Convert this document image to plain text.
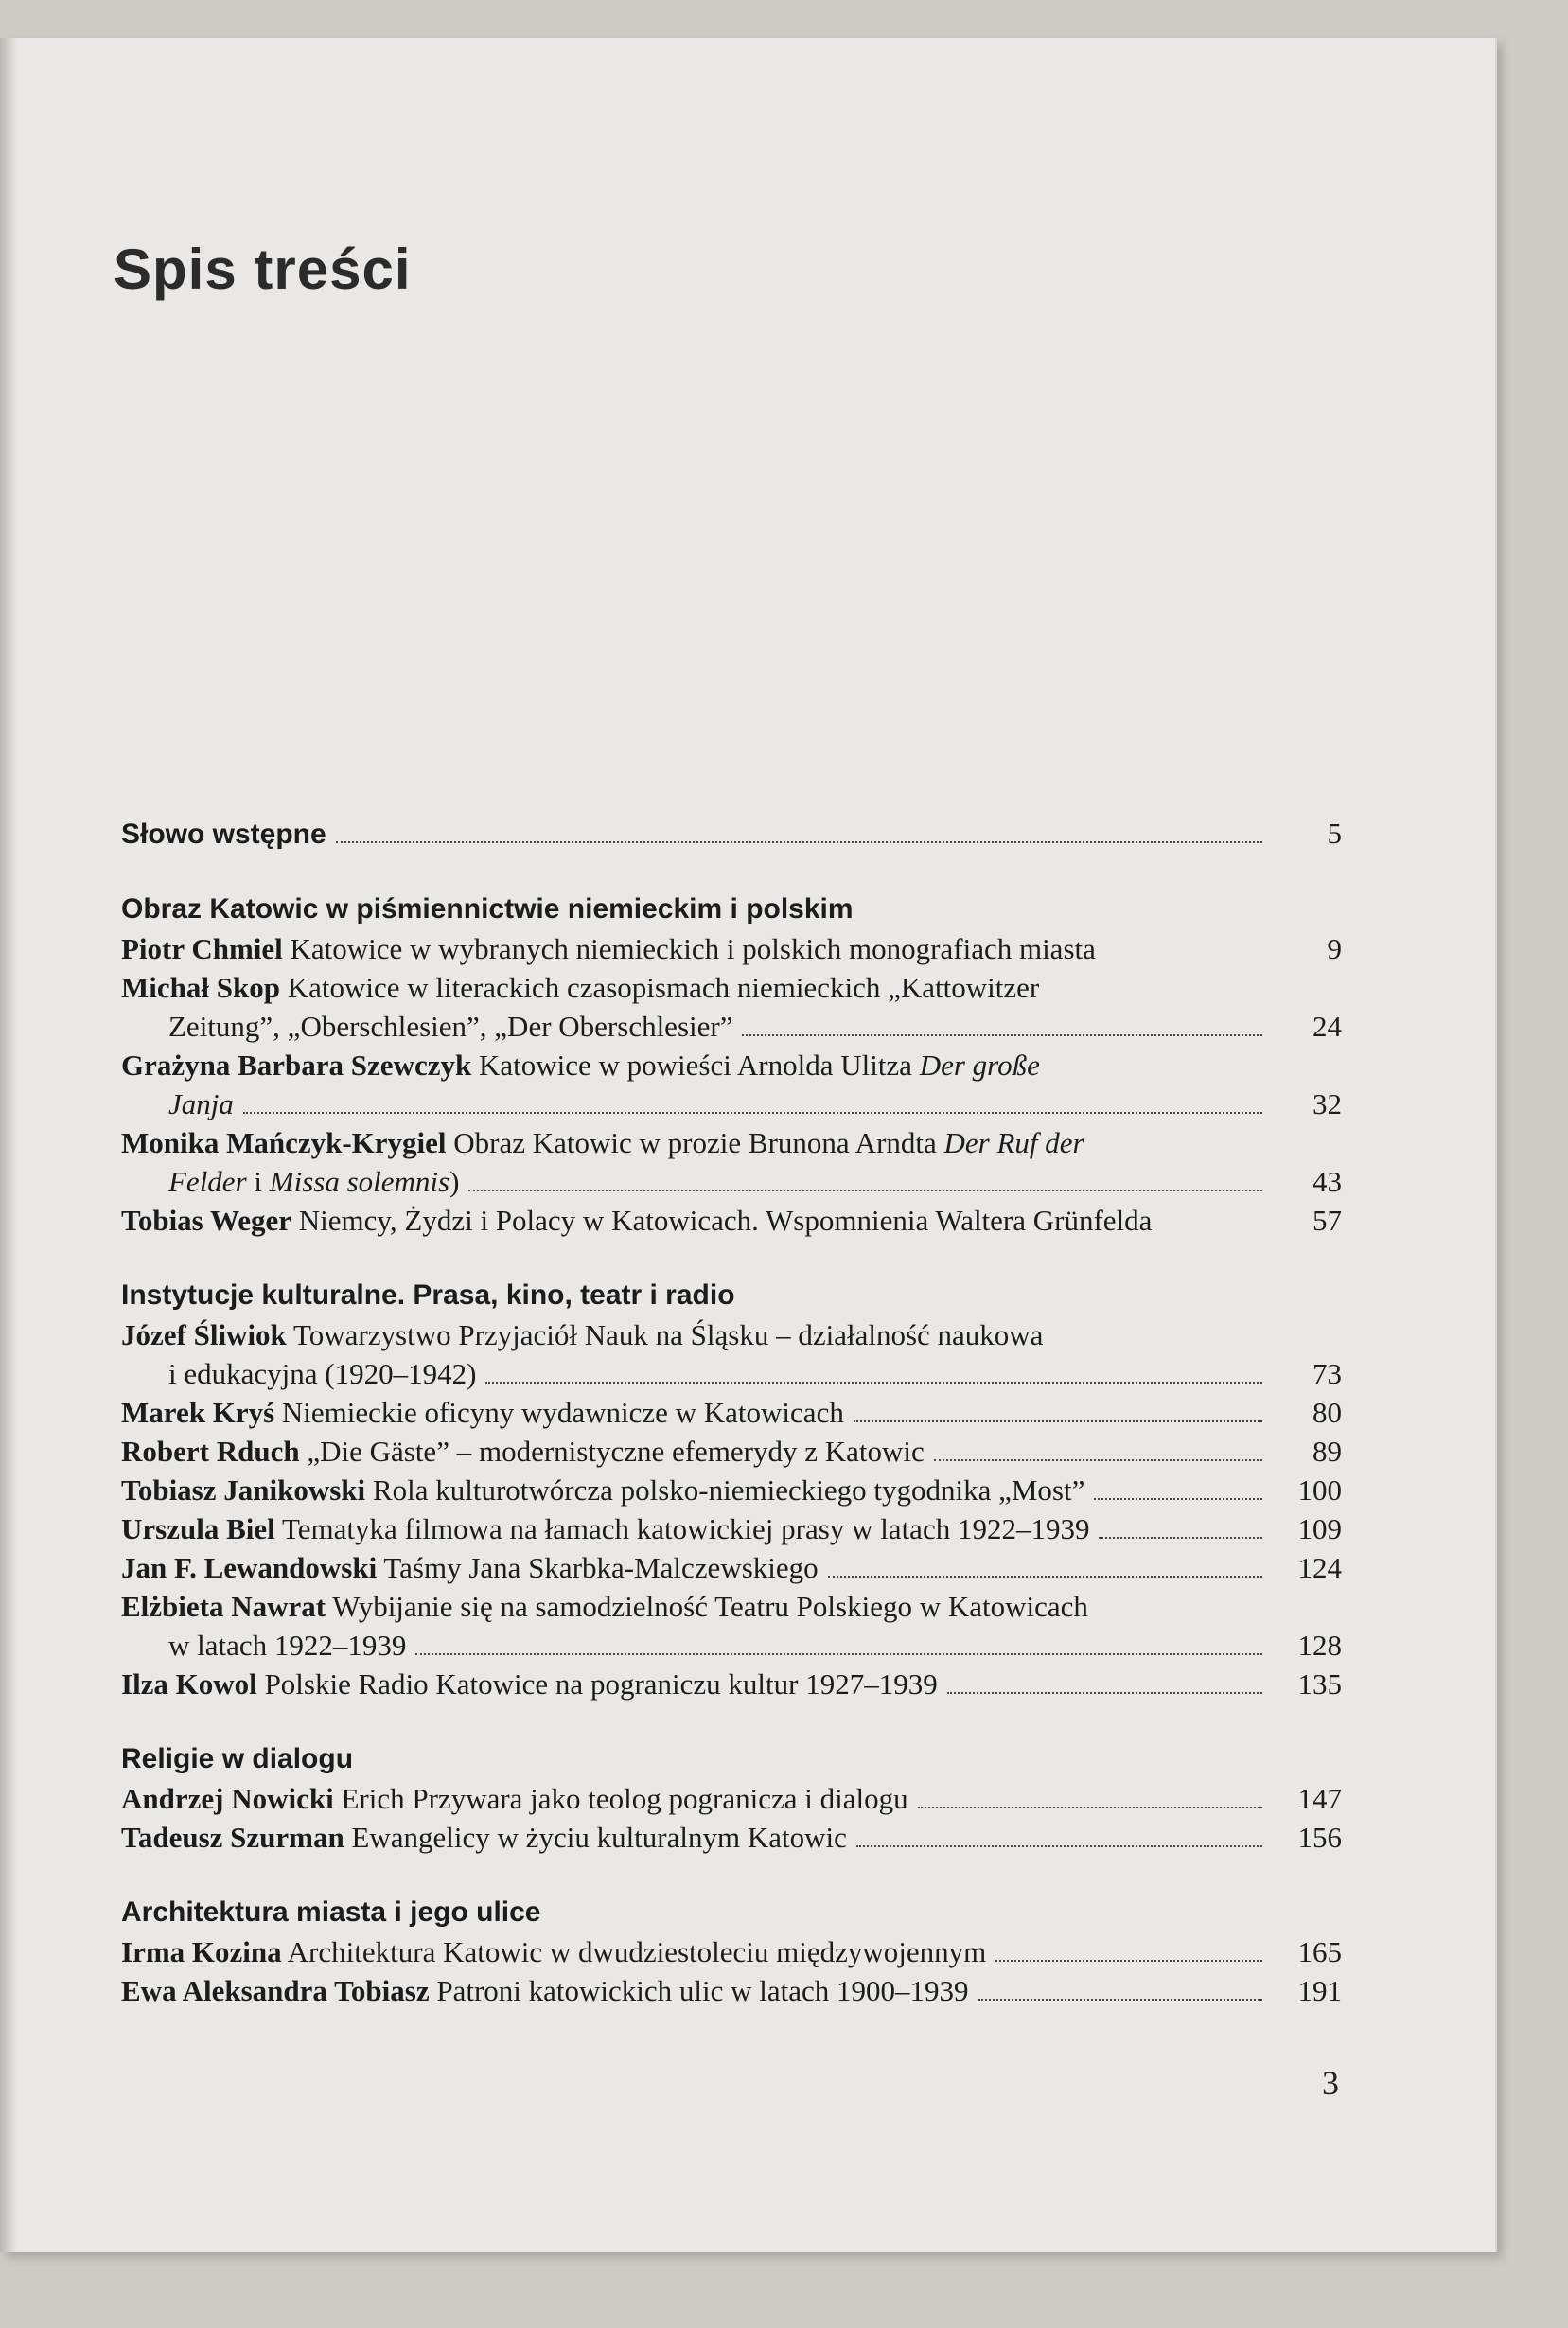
Spis treści
Słowo wstępne	5
Obraz Katowic w piśmiennictwie niemieckim i polskim
Piotr Chmiel Katowice w wybranych niemieckich i polskich monografiach miasta	9
Michał Skop Katowice w literackich czasopismach niemieckich „Kattowitzer
Zeitung”, „Oberschlesien”, „Der Oberschlesier”	24
Grażyna Barbara Szewczyk Katowice w powieści Arnolda Ulitza Der große
Janja	32
Monika Mańczyk-Krygiel Obraz Katowic w prozie Brunona Arndta Der Ruf der
Felder i Missa solemnis)	43
Tobias Weger Niemcy, Żydzi i Polacy w Katowicach. Wspomnienia Waltera Grünfelda	57
Instytucje kulturalne. Prasa, kino, teatr i radio
Józef Śliwiok Towarzystwo Przyjaciół Nauk na Śląsku – działalność naukowa
i edukacyjna (1920–1942)	73
Marek Kryś Niemieckie oficyny wydawnicze w Katowicach	80
Robert Rduch „Die Gäste” – modernistyczne efemerydy z Katowic	89
Tobiasz Janikowski Rola kulturotwórcza polsko-niemieckiego tygodnika „Most”	100
Urszula Biel Tematyka filmowa na łamach katowickiej prasy w latach 1922–1939	109
Jan F. Lewandowski Taśmy Jana Skarbka-Malczewskiego	124
Elżbieta Nawrat Wybijanie się na samodzielność Teatru Polskiego w Katowicach
w latach 1922–1939	128
Ilza Kowol Polskie Radio Katowice na pograniczu kultur 1927–1939	135
Religie w dialogu
Andrzej Nowicki Erich Przywara jako teolog pogranicza i dialogu	147
Tadeusz Szurman Ewangelicy w życiu kulturalnym Katowic	156
Architektura miasta i jego ulice
Irma Kozina Architektura Katowic w dwudziestoleciu międzywojennym	165
Ewa Aleksandra Tobiasz Patroni katowickich ulic w latach 1900–1939	191
3
